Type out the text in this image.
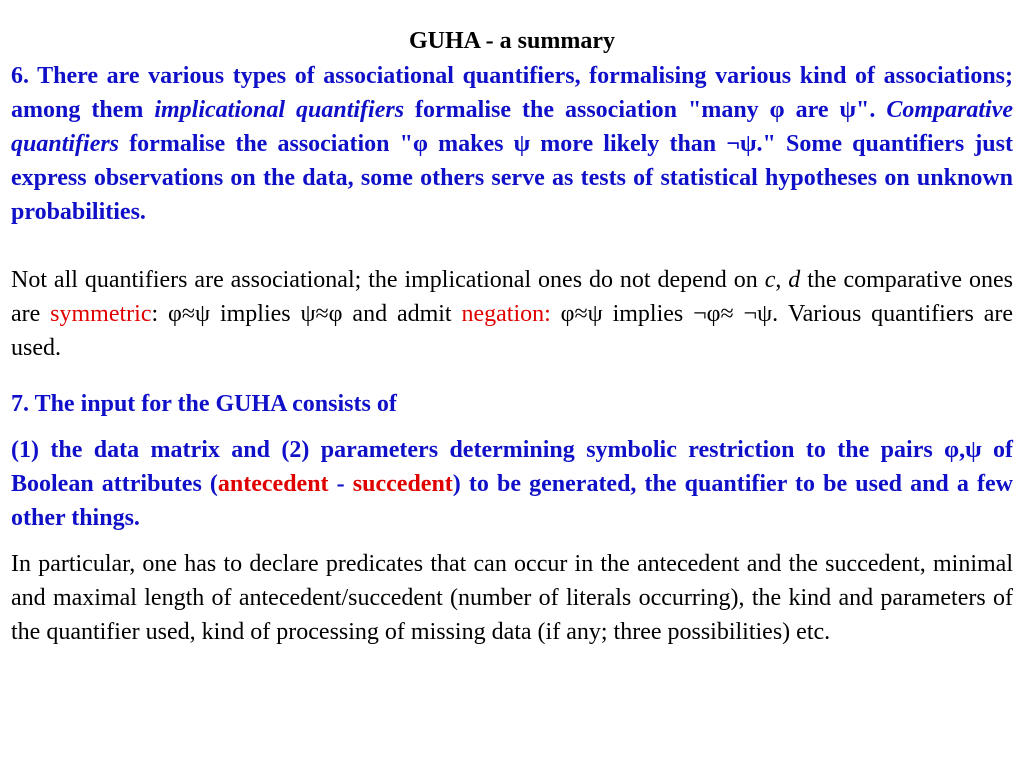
GUHA - a summary

6. There are various types of associational quantifiers, formalising various kind of associations; among them implicational quantifiers formalise the association "many φ are ψ". Comparative quantifiers formalise the association "φ makes ψ more likely than ¬ψ." Some quantifiers just express observations on the data, some others serve as tests of statistical hypotheses on unknown probabilities.

Not all quantifiers are associational; the implicational ones do not depend on c, d the comparative ones are symmetric: φ≈ψ implies ψ≈φ and admit negation: φ≈ψ implies ¬φ≈ ¬ψ. Various quantifiers are used.

7. The input for the GUHA consists of

(1) the data matrix and (2) parameters determining symbolic restriction to the pairs φ,ψ of Boolean attributes (antecedent - succedent) to be generated, the quantifier to be used and a few other things.

In particular, one has to declare predicates that can occur in the antecedent and the succedent, minimal and maximal length of antecedent/succedent (number of literals occurring), the kind and parameters of the quantifier used, kind of processing of missing data (if any; three possibilities) etc.
